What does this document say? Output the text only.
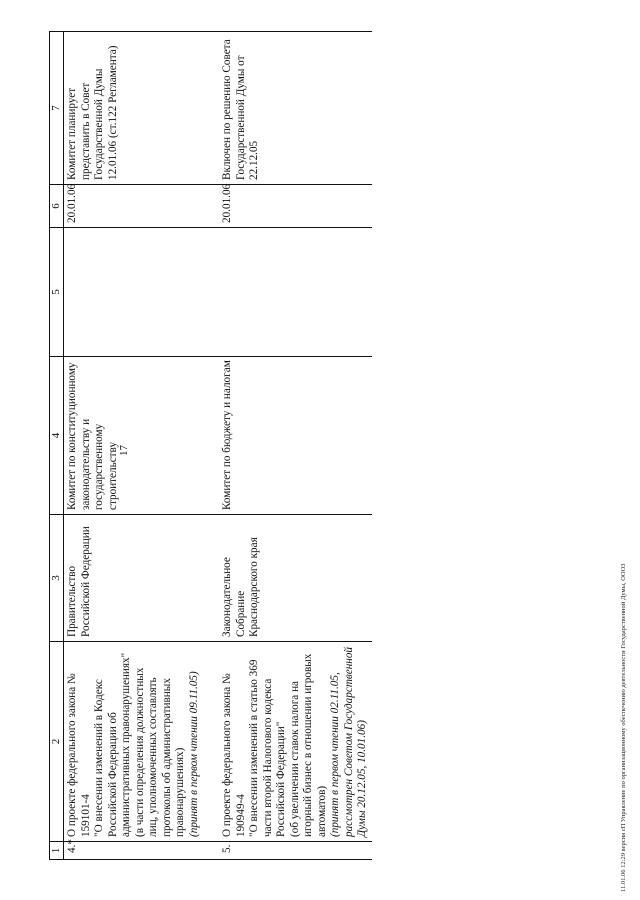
17
1	2	3	4	5	6	7
4.*	О проекте федерального закона № 159101-4 "О внесении изменений в Кодекс Российской Федерации об административных правонарушениях" (в части определения должностных лиц, уполномоченных составлять протоколы об административных правонарушениях) (принят в первом чтении 09.11.05)	Правительство Российской Федерации	Комитет по конституционному законодательству и государственному строительству		20.01.06	Комитет планирует представить в Совет Государственной Думы 12.01.06 (ст.122 Регламента)

5.	О проекте федерального закона № 190949-4 "О внесении изменений в статью 369 части второй Налогового кодекса Российской Федерации" (об увеличении ставок налога на игорный бизнес в отношении игровых автоматов) (принят в первом чтении 02.11.05, рассмотрен Советом Государственной Думы 20.12.05, 10.01.06)	Законодательное Собрание Краснодарского края	Комитет по бюджету и налогам		20.01.06	Включен по решению Совета Государственной Думы от 22.12.05
11.01.06 12:29 версия сП Управление по организационному обеспечению деятельности Государственной Думы, ООО3
